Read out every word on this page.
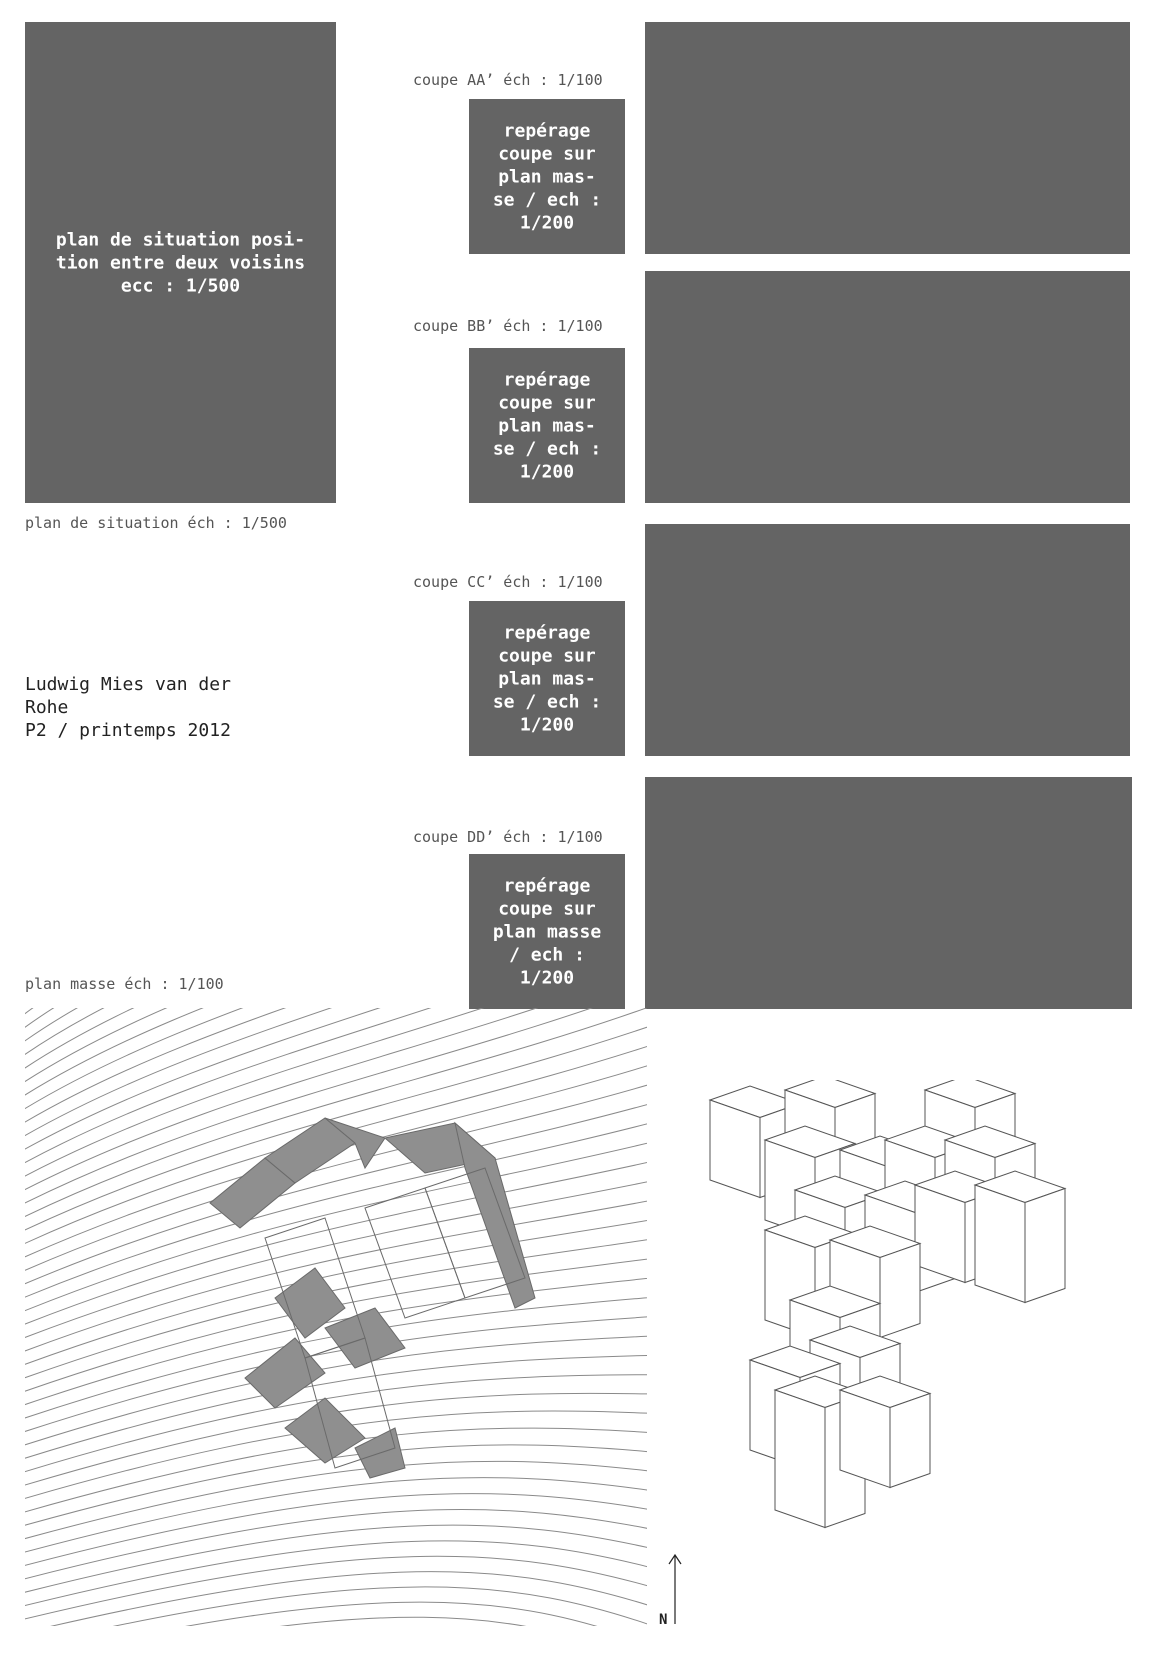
plan de situation posi-
tion entre deux voisins
ecc : 1/500
plan de situation éch : 1/500
coupe AA’ éch : 1/100
repérage
coupe sur
plan mas-
se / ech :
1/200
coupe BB’ éch : 1/100
repérage
coupe sur
plan mas-
se / ech :
1/200
coupe CC’ éch : 1/100
repérage
coupe sur
plan mas-
se / ech :
1/200
coupe DD’ éch : 1/100
repérage
coupe sur
plan masse
/ ech :
1/200
Ludwig Mies van der
Rohe
P2 / printemps 2012
plan masse éch : 1/100
N
